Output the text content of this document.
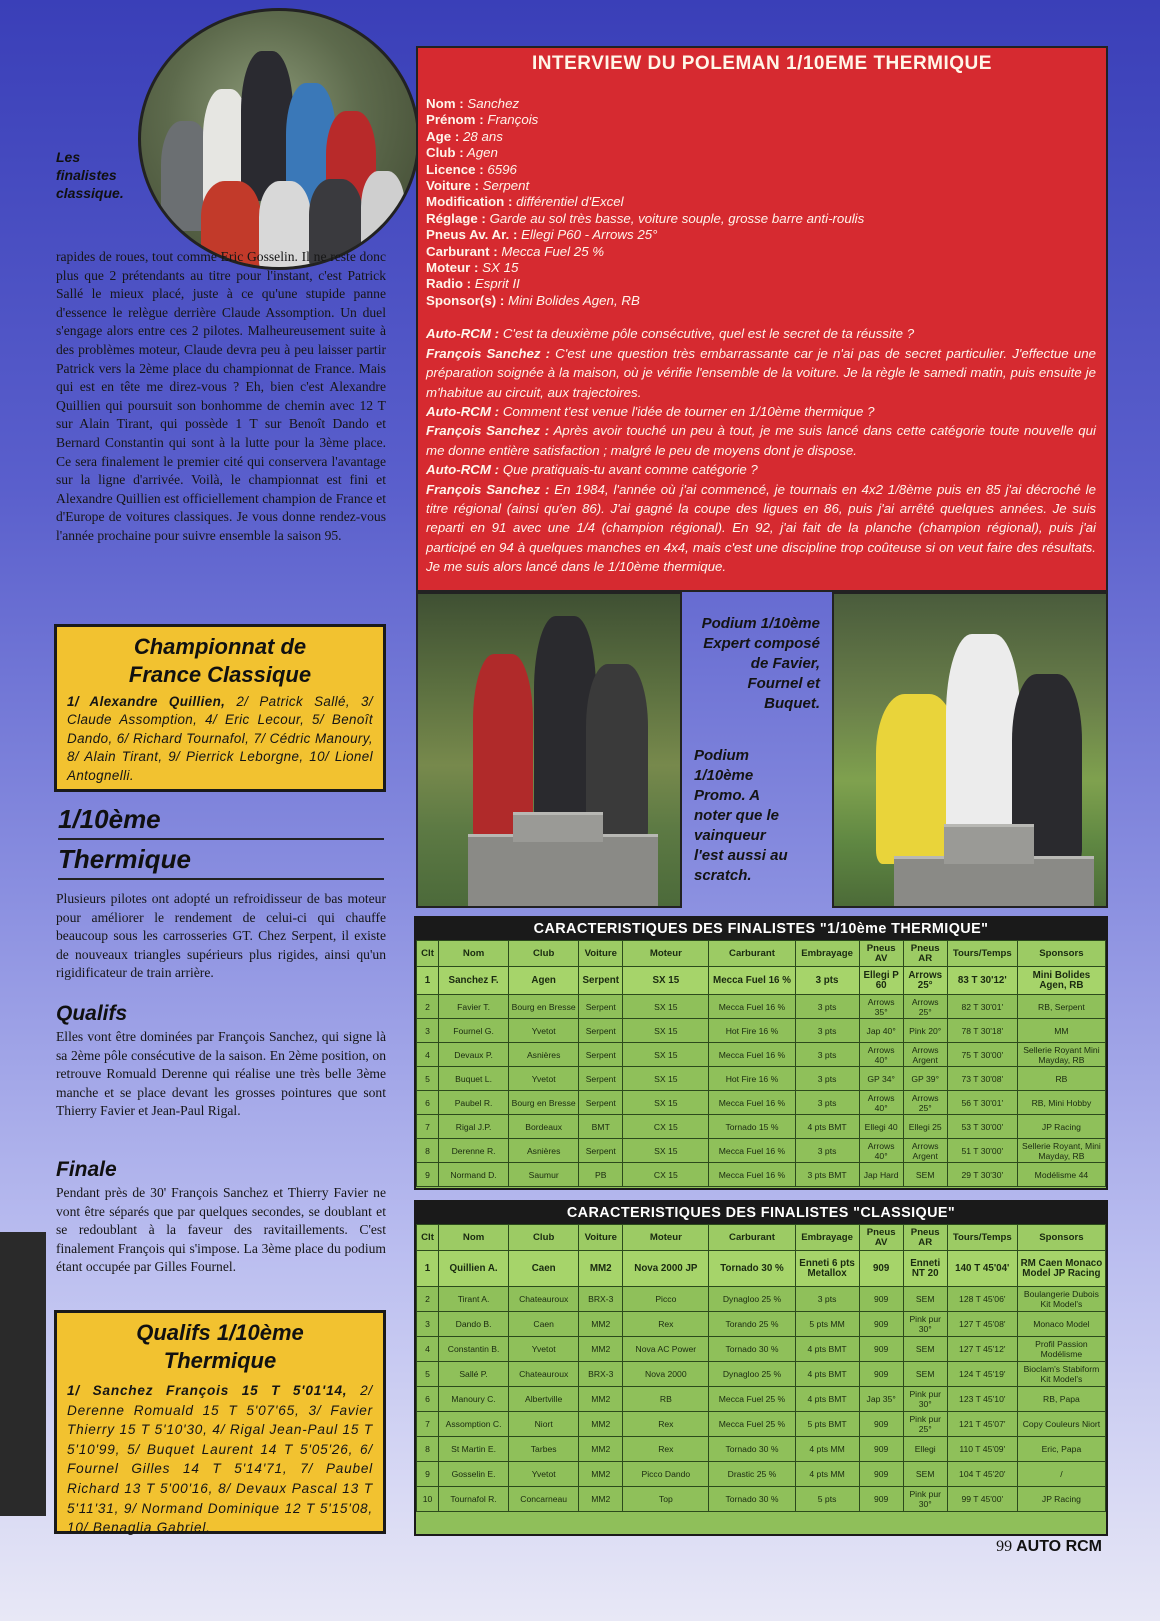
Les finalistes classique.
rapides de roues, tout comme Eric Gosselin. Il ne reste donc plus que 2 prétendants au titre pour l'instant, c'est Patrick Sallé le mieux placé, juste à ce qu'une stupide panne d'essence le relègue derrière Claude Assomption. Un duel s'engage alors entre ces 2 pilotes. Malheureusement suite à des problèmes moteur, Claude devra peu à peu laisser partir Patrick vers la 2ème place du championnat de France. Mais qui est en tête me direz-vous ? Eh, bien c'est Alexandre Quillien qui poursuit son bonhomme de chemin avec 12 T sur Alain Tirant, qui possède 1 T sur Benoît Dando et Bernard Constantin qui sont à la lutte pour la 3ème place. Ce sera finalement le premier cité qui conservera l'avantage sur la ligne d'arrivée. Voilà, le championnat est fini et Alexandre Quillien est officiellement champion de France et d'Europe de voitures classiques. Je vous donne rendez-vous l'année prochaine pour suivre ensemble la saison 95.
Championnat de
France Classique
1/ Alexandre Quillien, 2/ Patrick Sallé, 3/ Claude Assomption, 4/ Eric Lecour, 5/ Benoît Dando, 6/ Richard Tournafol, 7/ Cédric Manoury, 8/ Alain Tirant, 9/ Pierrick Leborgne, 10/ Lionel Antognelli.
1/10ème
Thermique
Plusieurs pilotes ont adopté un refroidisseur de bas moteur pour améliorer le rendement de celui-ci qui chauffe beaucoup sous les carrosseries GT. Chez Serpent, il existe de nouveaux triangles supérieurs plus rigides, ainsi qu'un rigidificateur de train arrière.
Qualifs
Elles vont être dominées par François Sanchez, qui signe là sa 2ème pôle consécutive de la saison. En 2ème position, on retrouve Romuald Derenne qui réalise une très belle 3ème manche et se place devant les grosses pointures que sont Thierry Favier et Jean-Paul Rigal.
Finale
Pendant près de 30' François Sanchez et Thierry Favier ne vont être séparés que par quelques secondes, se doublant et se redoublant à la faveur des ravitaillements. C'est finalement François qui s'impose. La 3ème place du podium étant occupée par Gilles Fournel.
Qualifs 1/10ème
Thermique
1/ Sanchez François 15 T 5'01'14, 2/ Derenne Romuald 15 T 5'07'65, 3/ Favier Thierry 15 T 5'10'30, 4/ Rigal Jean-Paul 15 T 5'10'99, 5/ Buquet Laurent 14 T 5'05'26, 6/ Fournel Gilles 14 T 5'14'71, 7/ Paubel Richard 13 T 5'00'16, 8/ Devaux Pascal 13 T 5'11'31, 9/ Normand Dominique 12 T 5'15'08, 10/ Benaglia Gabriel.
INTERVIEW DU POLEMAN 1/10EME THERMIQUE
Nom : Sanchez
Prénom : François
Age : 28 ans
Club : Agen
Licence : 6596
Voiture : Serpent
Modification : différentiel d'Excel
Réglage : Garde au sol très basse, voiture souple, grosse barre anti-roulis
Pneus Av. Ar. : Ellegi P60 - Arrows 25°
Carburant : Mecca Fuel 25 %
Moteur : SX 15
Radio : Esprit II
Sponsor(s) : Mini Bolides Agen, RB
Auto-RCM : C'est ta deuxième pôle consécutive, quel est le secret de ta réussite ?
François Sanchez : C'est une question très embarrassante car je n'ai pas de secret particulier. J'effectue une préparation soignée à la maison, où je vérifie l'ensemble de la voiture. Je la règle le samedi matin, puis ensuite je m'habitue au circuit, aux trajectoires.
Auto-RCM : Comment t'est venue l'idée de tourner en 1/10ème thermique ?
François Sanchez : Après avoir touché un peu à tout, je me suis lancé dans cette catégorie toute nouvelle qui me donne entière satisfaction ; malgré le peu de moyens dont je dispose.
Auto-RCM : Que pratiquais-tu avant comme catégorie ?
François Sanchez : En 1984, l'année où j'ai commencé, je tournais en 4x2 1/8ème puis en 85 j'ai décroché le titre régional (ainsi qu'en 86). J'ai gagné la coupe des ligues en 86, puis j'ai arrêté quelques années. Je suis reparti en 91 avec une 1/4 (champion régional). En 92, j'ai fait de la planche (champion régional), puis j'ai participé en 94 à quelques manches en 4x4, mais c'est une discipline trop coûteuse si on veut faire des résultats. Je me suis alors lancé dans le 1/10ème thermique.
Podium 1/10ème Promo. A noter que le vainqueur l'est aussi au scratch.
Podium 1/10ème Expert composé de Favier, Fournel et Buquet.
CARACTERISTIQUES DES FINALISTES "1/10ème THERMIQUE"
Clt	Nom	Club	Voiture	Moteur	Carburant	Embrayage	Pneus AV	Pneus AR	Tours/Temps	Sponsors
1	Sanchez F.	Agen	Serpent	SX 15	Mecca Fuel 16 %	3 pts	Ellegi P 60	Arrows 25°	83 T 30'12'	Mini Bolides Agen, RB
2	Favier T.	Bourg en Bresse	Serpent	SX 15	Mecca Fuel 16 %	3 pts	Arrows 35°	Arrows 25°	82 T 30'01'	RB, Serpent
3	Fournel G.	Yvetot	Serpent	SX 15	Hot Fire 16 %	3 pts	Jap 40°	Pink 20°	78 T 30'18'	MM
4	Devaux P.	Asnières	Serpent	SX 15	Mecca Fuel 16 %	3 pts	Arrows 40°	Arrows Argent	75 T 30'00'	Sellerie Royant Mini Mayday, RB
5	Buquet L.	Yvetot	Serpent	SX 15	Hot Fire 16 %	3 pts	GP 34°	GP 39°	73 T 30'08'	RB
6	Paubel R.	Bourg en Bresse	Serpent	SX 15	Mecca Fuel 16 %	3 pts	Arrows 40°	Arrows 25°	56 T 30'01'	RB, Mini Hobby
7	Rigal J.P.	Bordeaux	BMT	CX 15	Tornado 15 %	4 pts BMT	Ellegi 40	Ellegi 25	53 T 30'00'	JP Racing
8	Derenne R.	Asnières	Serpent	SX 15	Mecca Fuel 16 %	3 pts	Arrows 40°	Arrows Argent	51 T 30'00'	Sellerie Royant, Mini Mayday, RB
9	Normand D.	Saumur	PB	CX 15	Mecca Fuel 16 %	3 pts BMT	Jap Hard	SEM	29 T 30'30'	Modélisme 44
CARACTERISTIQUES DES FINALISTES "CLASSIQUE"
Clt	Nom	Club	Voiture	Moteur	Carburant	Embrayage	Pneus AV	Pneus AR	Tours/Temps	Sponsors
1	Quillien A.	Caen	MM2	Nova 2000 JP	Tornado 30 %	Enneti 6 pts Metallox	909	Enneti NT 20	140 T 45'04'	RM Caen Monaco Model JP Racing
2	Tirant A.	Chateauroux	BRX-3	Picco	Dynagloo 25 %	3 pts	909	SEM	128 T 45'06'	Boulangerie Dubois Kit Model's
3	Dando B.	Caen	MM2	Rex	Torando 25 %	5 pts MM	909	Pink pur 30°	127 T 45'08'	Monaco Model
4	Constantin B.	Yvetot	MM2	Nova AC Power	Tornado 30 %	4 pts BMT	909	SEM	127 T 45'12'	Profil Passion Modélisme
5	Sallé P.	Chateauroux	BRX-3	Nova 2000	Dynagloo 25 %	4 pts BMT	909	SEM	124 T 45'19'	Bioclam's Stabiform Kit Model's
6	Manoury C.	Albertville	MM2	RB	Mecca Fuel 25 %	4 pts BMT	Jap 35°	Pink pur 30°	123 T 45'10'	RB, Papa
7	Assomption C.	Niort	MM2	Rex	Mecca Fuel 25 %	5 pts BMT	909	Pink pur 25°	121 T 45'07'	Copy Couleurs Niort
8	St Martin E.	Tarbes	MM2	Rex	Tornado 30 %	4 pts MM	909	Ellegi	110 T 45'09'	Eric, Papa
9	Gosselin E.	Yvetot	MM2	Picco Dando	Drastic 25 %	4 pts MM	909	SEM	104 T 45'20'	/
10	Tournafol R.	Concarneau	MM2	Top	Tornado 30 %	5 pts	909	Pink pur 30°	99 T 45'00'	JP Racing
99 AUTO RCM
